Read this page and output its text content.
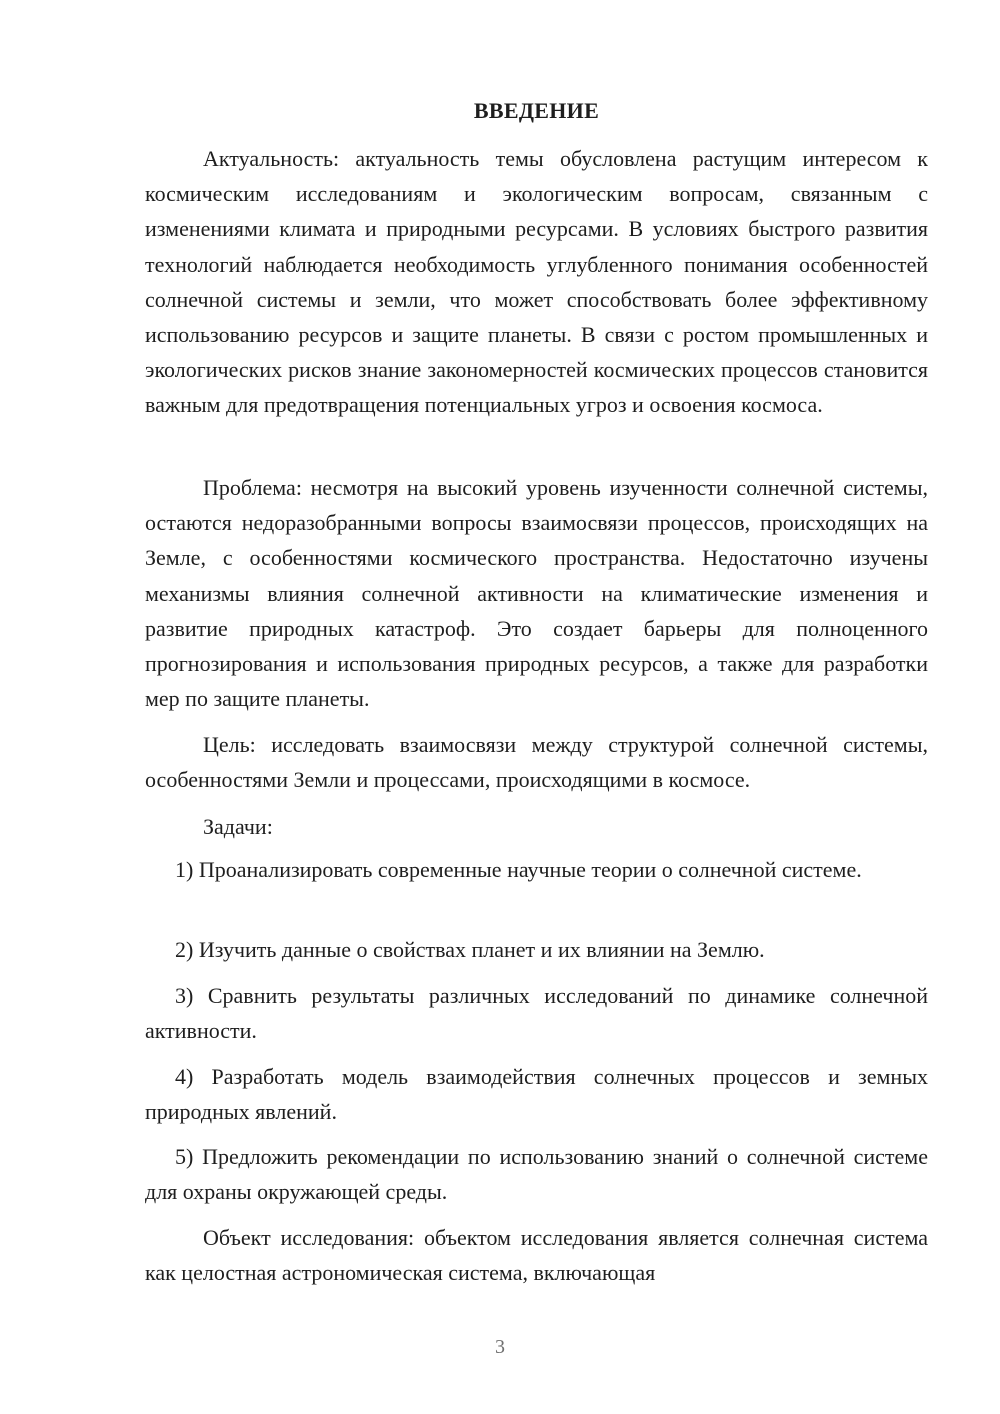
ВВЕДЕНИЕ

Актуальность: актуальность темы обусловлена растущим интересом к космическим исследованиям и экологическим вопросам, связанным с изменениями климата и природными ресурсами. В условиях быстрого развития технологий наблюдается необходимость углубленного понимания особенностей солнечной системы и земли, что может способствовать более эффективному использованию ресурсов и защите планеты. В связи с ростом промышленных и экологических рисков знание закономерностей космических процессов становится важным для предотвращения потенциальных угроз и освоения космоса.

Проблема: несмотря на высокий уровень изученности солнечной системы, остаются недоразобранными вопросы взаимосвязи процессов, происходящих на Земле, с особенностями космического пространства. Недостаточно изучены механизмы влияния солнечной активности на климатические изменения и развитие природных катастроф. Это создает барьеры для полноценного прогнозирования и использования природных ресурсов, а также для разработки мер по защите планеты.

Цель: исследовать взаимосвязи между структурой солнечной системы, особенностями Земли и процессами, происходящими в космосе.

Задачи:

1) Проанализировать современные научные теории о солнечной системе.

2) Изучить данные о свойствах планет и их влиянии на Землю.

3) Сравнить результаты различных исследований по динамике солнечной активности.

4) Разработать модель взаимодействия солнечных процессов и земных природных явлений.

5) Предложить рекомендации по использованию знаний о солнечной системе для охраны окружающей среды.

Объект исследования: объектом исследования является солнечная система как целостная астрономическая система, включающая

3
